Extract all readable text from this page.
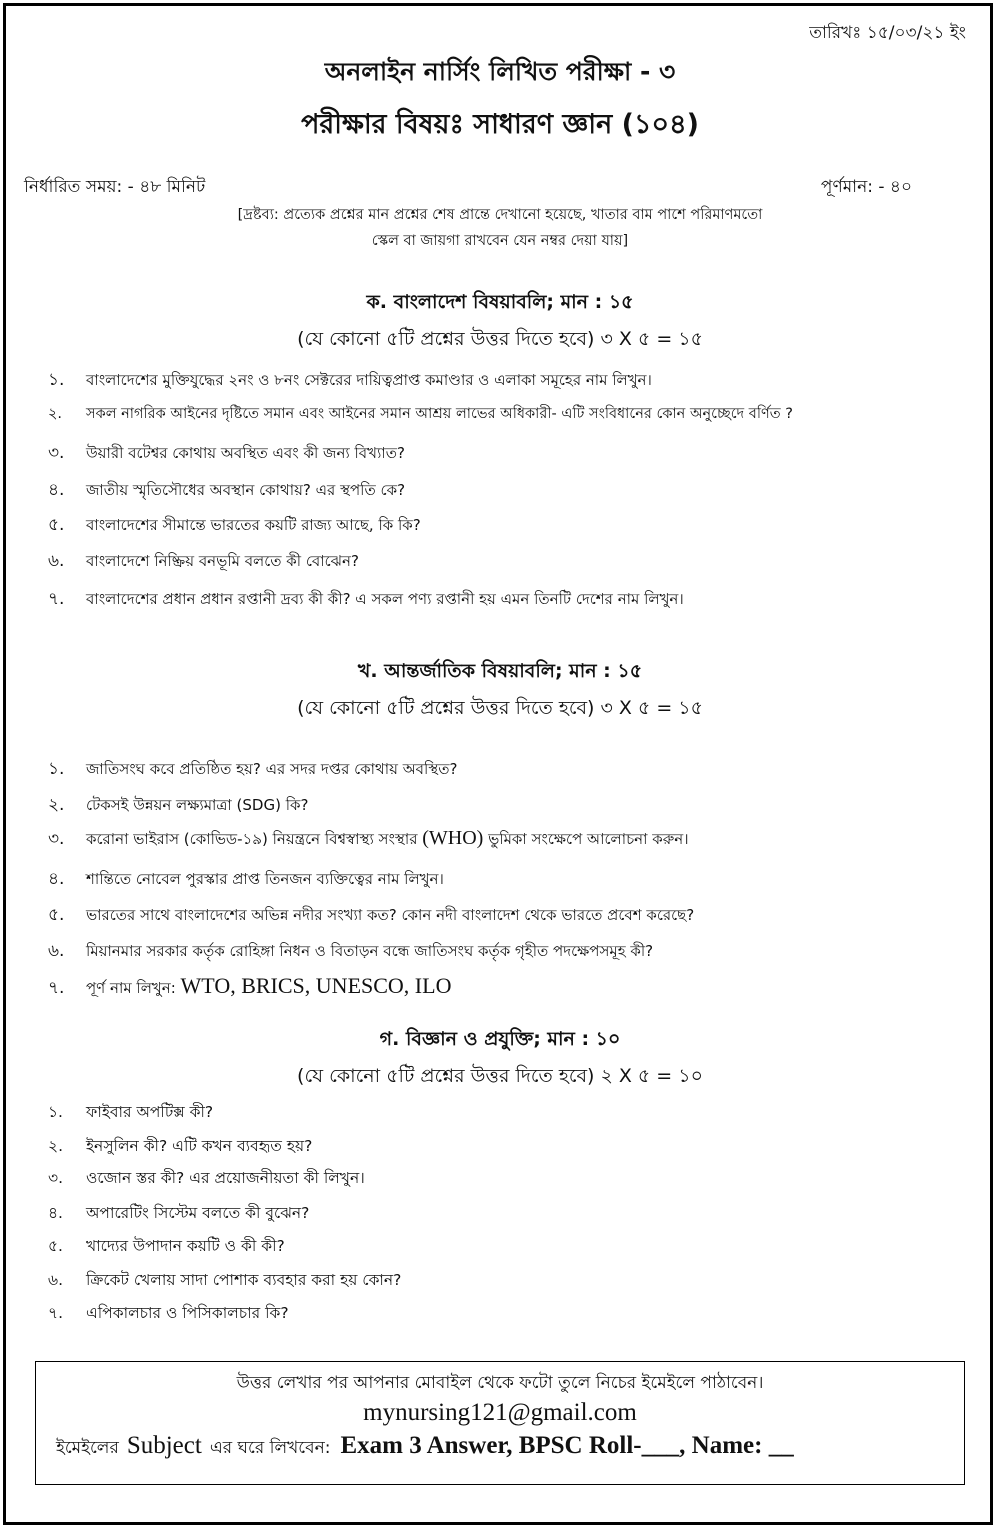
তারিখঃ ১৫/০৩/২১ ইং
অনলাইন নার্সিং লিখিত পরীক্ষা - ৩
পরীক্ষার বিষয়ঃ সাধারণ জ্ঞান (১০৪)
নির্ধারিত সময়: - ৪৮ মিনিট	পূর্ণমান: - ৪০
[দ্রষ্টব্য: প্রত্যেক প্রশ্নের মান প্রশ্নের শেষ প্রান্তে দেখানো হয়েছে, খাতার বাম পাশে পরিমাণমতো
স্কেল বা জায়গা রাখবেন যেন নম্বর দেয়া যায়]
ক. বাংলাদেশ বিষয়াবলি; মান : ১৫
(যে কোনো ৫টি প্রশ্নের উত্তর দিতে হবে) ৩ X ৫ = ১৫
১. বাংলাদেশের মুক্তিযুদ্ধের ২নং ও ৮নং সেক্টরের দায়িত্বপ্রাপ্ত কমাণ্ডার ও এলাকা সমূহের নাম লিখুন।
২. সকল নাগরিক আইনের দৃষ্টিতে সমান এবং আইনের সমান আশ্রয় লাভের অধিকারী- এটি সংবিধানের কোন অনুচ্ছেদে বর্ণিত ?
৩. উয়ারী বটেশ্বর কোথায় অবস্থিত এবং কী জন্য বিখ্যাত?
৪. জাতীয় স্মৃতিসৌধের অবস্থান কোথায়? এর স্থপতি কে?
৫. বাংলাদেশের সীমান্তে ভারতের কয়টি রাজ্য আছে, কি কি?
৬. বাংলাদেশে নিষ্ক্রিয় বনভূমি বলতে কী বোঝেন?
৭. বাংলাদেশের প্রধান প্রধান রপ্তানী দ্রব্য কী কী? এ সকল পণ্য রপ্তানী হয় এমন তিনটি দেশের নাম লিখুন।
খ. আন্তর্জাতিক বিষয়াবলি; মান : ১৫
(যে কোনো ৫টি প্রশ্নের উত্তর দিতে হবে) ৩ X ৫ = ১৫
১. জাতিসংঘ কবে প্রতিষ্ঠিত হয়? এর সদর দপ্তর কোথায় অবস্থিত?
২. টেকসই উন্নয়ন লক্ষ্যমাত্রা (SDG) কি?
৩. করোনা ভাইরাস (কোভিড-১৯) নিয়ন্ত্রনে বিশ্বস্বাস্থ্য সংস্থার (WHO) ভুমিকা সংক্ষেপে আলোচনা করুন।
৪. শান্তিতে নোবেল পুরস্কার প্রাপ্ত তিনজন ব্যক্তিত্বের নাম লিখুন।
৫. ভারতের সাথে বাংলাদেশের অভিন্ন নদীর সংখ্যা কত? কোন নদী বাংলাদেশ থেকে ভারতে প্রবেশ করেছে?
৬. মিয়ানমার সরকার কর্তৃক রোহিঙ্গা নিধন ও বিতাড়ন বন্ধে জাতিসংঘ কর্তৃক গৃহীত পদক্ষেপসমূহ কী?
৭. পূর্ণ নাম লিখুন: WTO, BRICS, UNESCO, ILO
গ. বিজ্ঞান ও প্রযুক্তি; মান : ১০
(যে কোনো ৫টি প্রশ্নের উত্তর দিতে হবে) ২ X ৫ = ১০
১. ফাইবার অপটিক্স কী?
২. ইনসুলিন কী? এটি কখন ব্যবহৃত হয়?
৩. ওজোন স্তর কী? এর প্রয়োজনীয়তা কী লিখুন।
৪. অপারেটিং সিস্টেম বলতে কী বুঝেন?
৫. খাদ্যের উপাদান কয়টি ও কী কী?
৬. ক্রিকেট খেলায় সাদা পোশাক ব্যবহার করা হয় কোন?
৭. এপিকালচার ও পিসিকালচার কি?
উত্তর লেখার পর আপনার মোবাইল থেকে ফটো তুলে নিচের ইমেইলে পাঠাবেন।
mynursing121@gmail.com
ইমেইলের Subject এর ঘরে লিখবেন: Exam 3 Answer, BPSC Roll-___, Name: __
